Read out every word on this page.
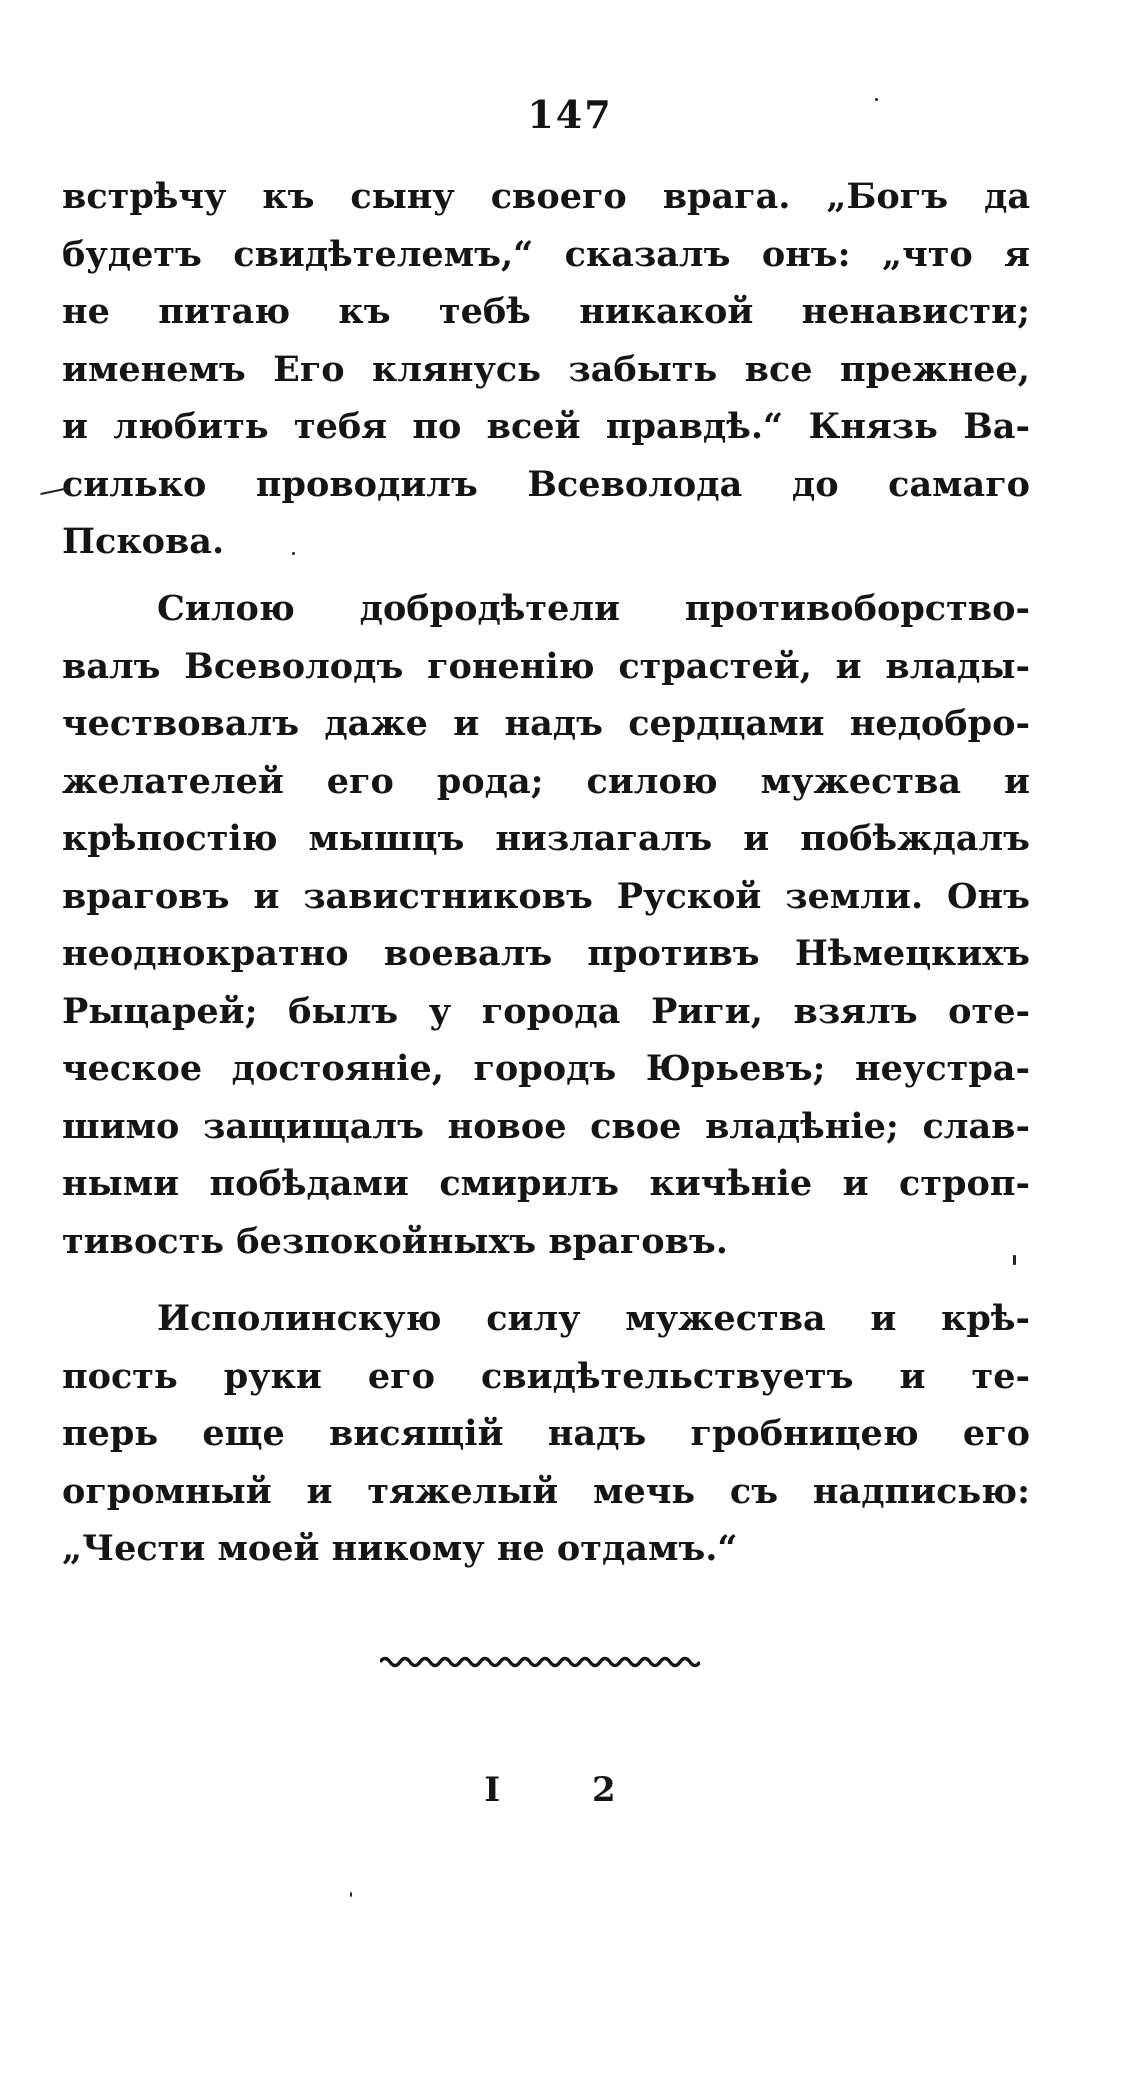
147
встрѣчу къ сыну своего врага. „Богъ да
будетъ свидѣтелемъ,“ сказалъ онъ: „что я
не питаю къ тебѣ никакой ненависти;
именемъ Его клянусь забыть все прежнее,
и любить тебя по всей правдѣ.“ Князь Ва-
силько проводилъ Всеволода до самаго
Пскова.
Силою добродѣтели противоборство-
валъ Всеволодъ гоненію страстей, и влады-
чествовалъ даже и надъ сердцами недобро-
желателей его рода; силою мужества и
крѣпостію мышцъ низлагалъ и побѣждалъ
враговъ и завистниковъ Руской земли. Онъ
неоднократно воевалъ противъ Нѣмецкихъ
Рыцарей; былъ у города Риги, взялъ оте-
ческое достояніе, городъ Юрьевъ; неустра-
шимо защищалъ новое свое владѣніе; слав-
ными побѣдами смирилъ кичѣніе и строп-
тивость безпокойныхъ враговъ.
Исполинскую силу мужества и крѣ-
пость руки его свидѣтельствуетъ и те-
перь еще висящій надъ гробницею его
огромный и тяжелый мечь съ надписью:
„Чести моей никому не отдамъ.“
I 2
